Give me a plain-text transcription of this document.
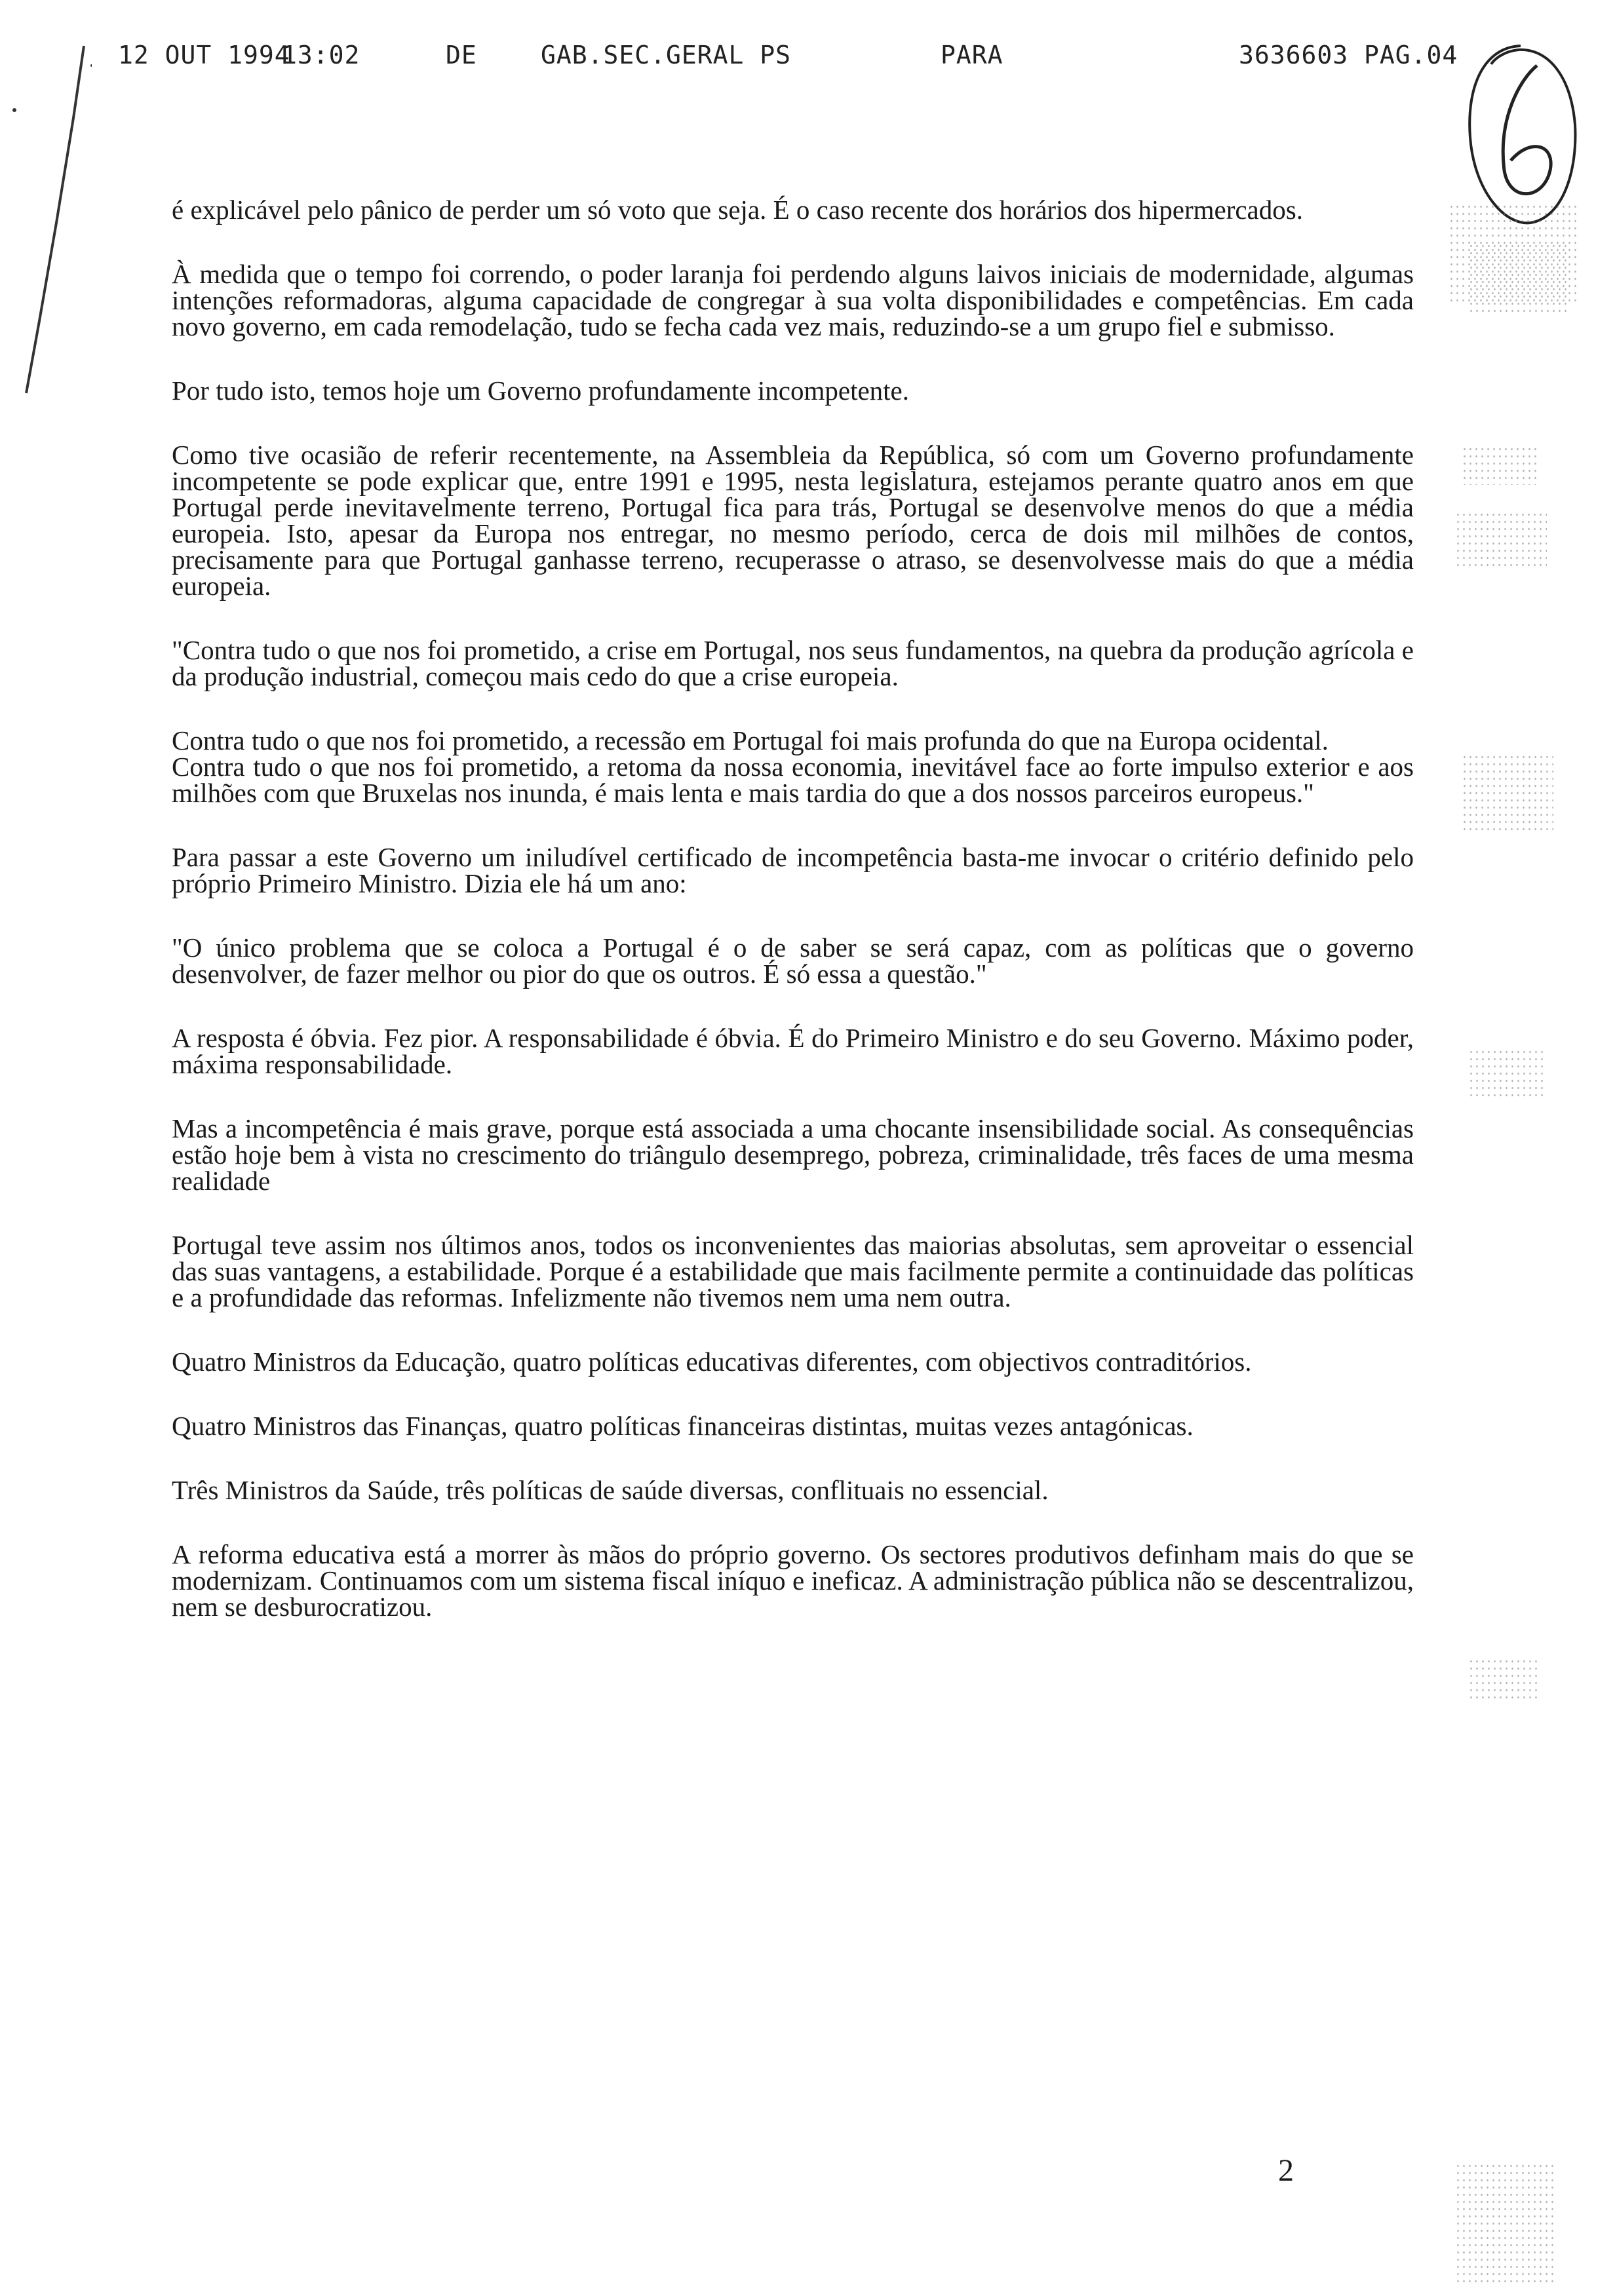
12 OUT 1994
13:02	DE	GAB.SEC.GERAL PS	PARA	3636603 PAG.04

é explicável pelo pânico de perder um só voto que seja. É o caso recente dos horários dos hipermercados.

À medida que o tempo foi correndo, o poder laranja foi perdendo alguns laivos iniciais de modernidade, algumas intenções reformadoras, alguma capacidade de congregar à sua volta disponibilidades e competências. Em cada novo governo, em cada remodelação, tudo se fecha cada vez mais, reduzindo-se a um grupo fiel e submisso.

Por tudo isto, temos hoje um Governo profundamente incompetente.

Como tive ocasião de referir recentemente, na Assembleia da República, só com um Governo profundamente incompetente se pode explicar que, entre 1991 e 1995, nesta legislatura, estejamos perante quatro anos em que Portugal perde inevitavelmente terreno, Portugal fica para trás, Portugal se desenvolve menos do que a média europeia. Isto, apesar da Europa nos entregar, no mesmo período, cerca de dois mil milhões de contos, precisamente para que Portugal ganhasse terreno, recuperasse o atraso, se desenvolvesse mais do que a média europeia.

"Contra tudo o que nos foi prometido, a crise em Portugal, nos seus fundamentos, na quebra da produção agrícola e da produção industrial, começou mais cedo do que a crise europeia.

Contra tudo o que nos foi prometido, a recessão em Portugal foi mais profunda do que na Europa ocidental.

Contra tudo o que nos foi prometido, a retoma da nossa economia, inevitável face ao forte impulso exterior e aos milhões com que Bruxelas nos inunda, é mais lenta e mais tardia do que a dos nossos parceiros europeus."

Para passar a este Governo um iniludível certificado de incompetência basta-me invocar o critério definido pelo próprio Primeiro Ministro. Dizia ele há um ano:

"O único problema que se coloca a Portugal é o de saber se será capaz, com as políticas que o governo desenvolver, de fazer melhor ou pior do que os outros. É só essa a questão."

A resposta é óbvia. Fez pior. A responsabilidade é óbvia. É do Primeiro Ministro e do seu Governo. Máximo poder, máxima responsabilidade.

Mas a incompetência é mais grave, porque está associada a uma chocante insensibilidade social. As consequências estão hoje bem à vista no crescimento do triângulo desemprego, pobreza, criminalidade, três faces de uma mesma realidade

Portugal teve assim nos últimos anos, todos os inconvenientes das maiorias absolutas, sem aproveitar o essencial das suas vantagens, a estabilidade. Porque é a estabilidade que mais facilmente permite a continuidade das políticas e a profundidade das reformas. Infelizmente não tivemos nem uma nem outra.

Quatro Ministros da Educação, quatro políticas educativas diferentes, com objectivos contraditórios.

Quatro Ministros das Finanças, quatro políticas financeiras distintas, muitas vezes antagónicas.

Três Ministros da Saúde, três políticas de saúde diversas, conflituais no essencial.

A reforma educativa está a morrer às mãos do próprio governo. Os sectores produtivos definham mais do que se modernizam. Continuamos com um sistema fiscal iníquo e ineficaz. A administração pública não se descentralizou, nem se desburocratizou.

2
